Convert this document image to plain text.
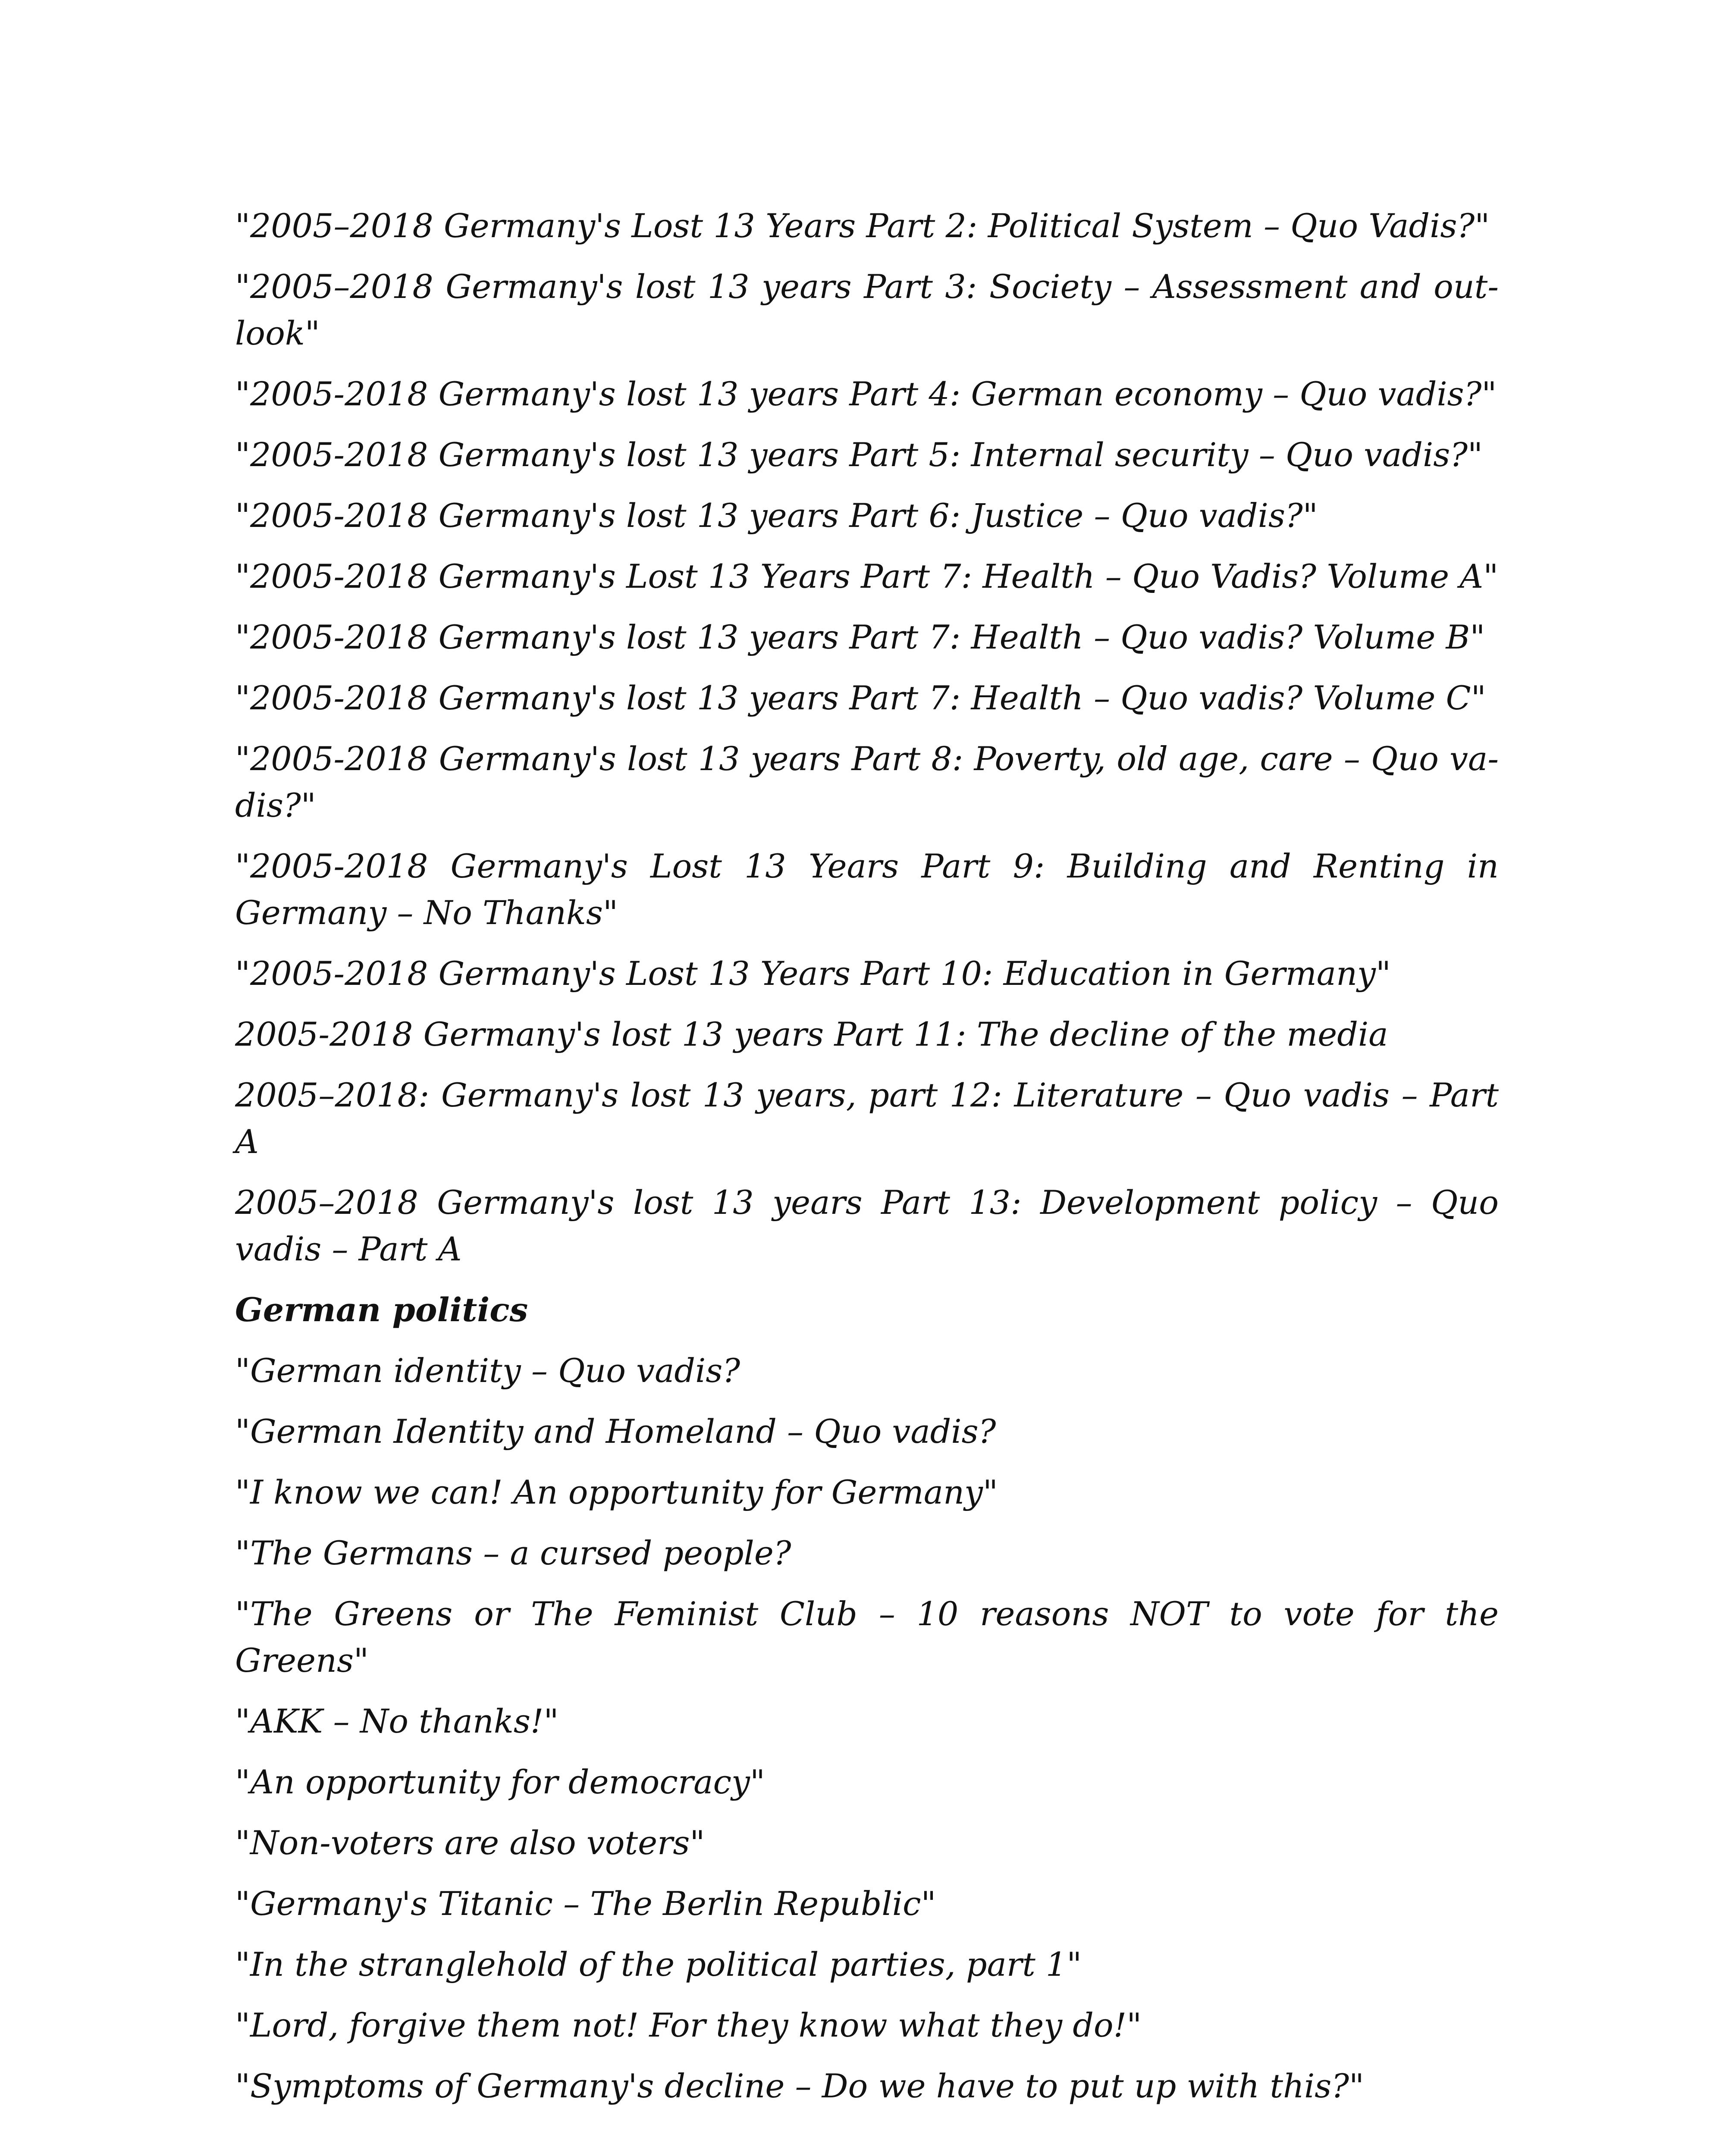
"2005–2018 Germany's Lost 13 Years Part 2: Political System – Quo Vadis?"
"2005–2018 Germany's lost 13 years Part 3: Society – Assessment and out-look"
"2005-2018 Germany's lost 13 years Part 4: German economy – Quo vadis?"
"2005-2018 Germany's lost 13 years Part 5: Internal security – Quo vadis?"
"2005-2018 Germany's lost 13 years Part 6: Justice – Quo vadis?"
"2005-2018 Germany's Lost 13 Years Part 7: Health – Quo Vadis? Volume A"
"2005-2018 Germany's lost 13 years Part 7: Health – Quo vadis? Volume B"
"2005-2018 Germany's lost 13 years Part 7: Health – Quo vadis? Volume C"
"2005-2018 Germany's lost 13 years Part 8: Poverty, old age, care – Quo va-dis?"
"2005-2018 Germany's Lost 13 Years Part 9: Building and Renting in Germany – No Thanks"
"2005-2018 Germany's Lost 13 Years Part 10: Education in Germany"
2005-2018 Germany's lost 13 years Part 11: The decline of the media
2005–2018: Germany's lost 13 years, part 12: Literature – Quo vadis – Part A
2005–2018 Germany's lost 13 years Part 13: Development policy – Quo vadis – Part A
German politics
"German identity – Quo vadis?
"German Identity and Homeland – Quo vadis?
"I know we can! An opportunity for Germany"
"The Germans – a cursed people?
"The Greens or The Feminist Club – 10 reasons NOT to vote for the Greens"
"AKK – No thanks!"
"An opportunity for democracy"
"Non-voters are also voters"
"Germany's Titanic – The Berlin Republic"
"In the stranglehold of the political parties, part 1"
"Lord, forgive them not! For they know what they do!"
"Symptoms of Germany's decline – Do we have to put up with this?"
